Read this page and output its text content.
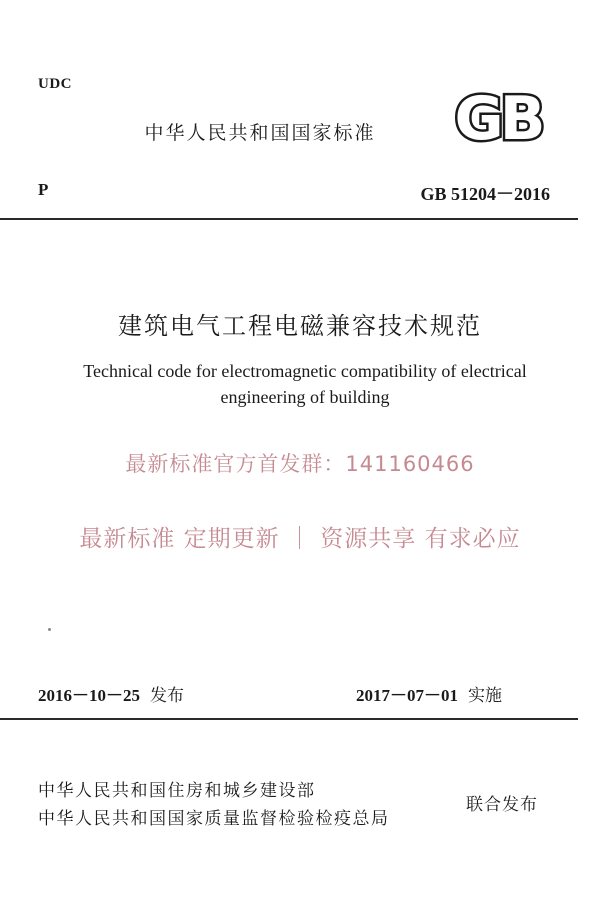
UDC
中华人民共和国国家标准	GB
P	GB 51204－2016
建筑电气工程电磁兼容技术规范
Technical code for electromagnetic compatibility of electrical
engineering of building
最新标准官方首发群：141160466
最新标准 定期更新 ｜ 资源共享 有求必应
2016－10－25 发布	2017－07－01 实施
中华人民共和国住房和城乡建设部
中华人民共和国国家质量监督检验检疫总局
联合发布
